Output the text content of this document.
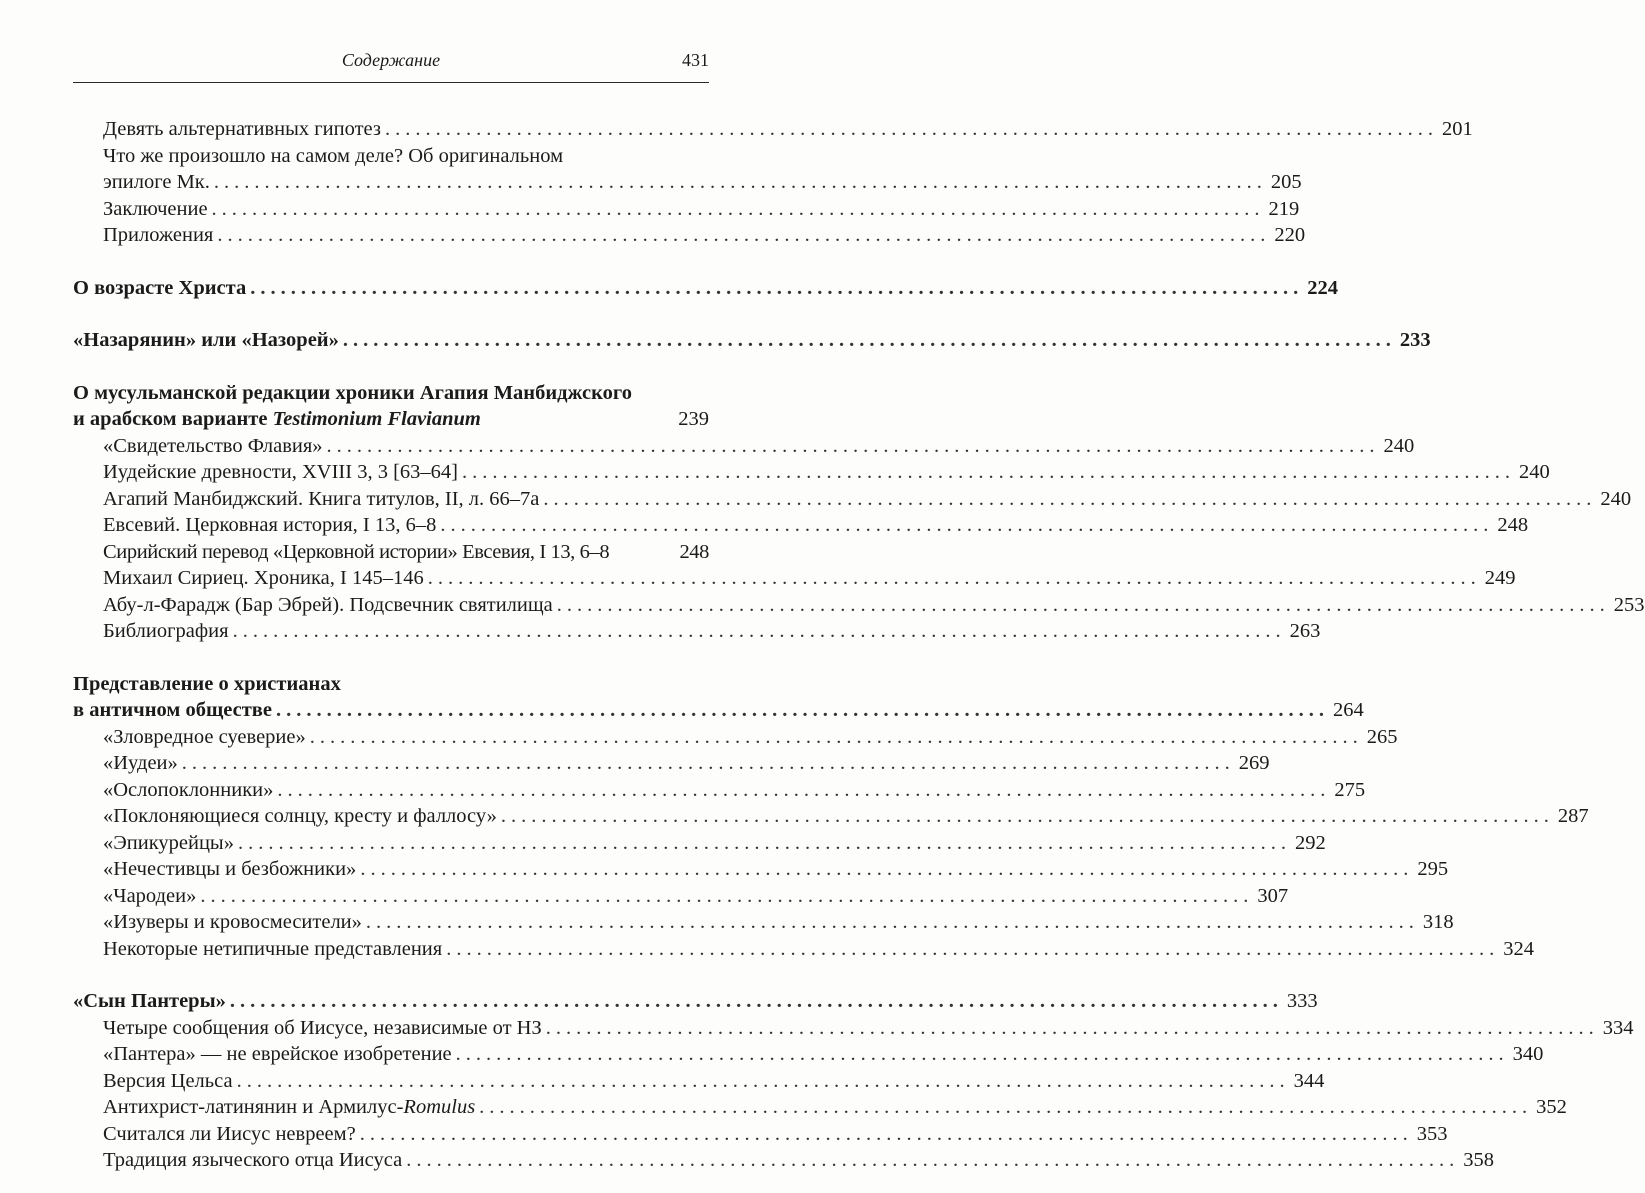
Содержание	431
Девять альтернативных гипотез ........................................................................................................ 201
Что же произошло на самом деле? Об оригинальном
эпилоге Мк. ........................................................................................................ 205
Заключение ........................................................................................................ 219
Приложения ........................................................................................................ 220
О возрасте Христа ........................................................................................................ 224
«Назарянин» или «Назорей» ........................................................................................................ 233
О мусульманской редакции хроники Агапия Манбиджского
и арабском варианте Testimonium Flavianum	239
«Свидетельство Флавия» ........................................................................................................ 240
Иудейские древности, XVIII 3, 3 [63–64] ........................................................................................................ 240
Агапий Манбиджский. Книга титулов, II, л. 66–7а ........................................................................................................ 240
Евсевий. Церковная история, I 13, 6–8 ........................................................................................................ 248
Сирийский перевод «Церковной истории» Евсевия, I 13, 6–8	248
Михаил Сириец. Хроника, I 145–146 ........................................................................................................ 249
Абу-л-Фарадж (Бар Эбрей). Подсвечник святилища ........................................................................................................ 253
Библиография ........................................................................................................ 263
Представление о христианах
в античном обществе ........................................................................................................ 264
«Зловредное суеверие» ........................................................................................................ 265
«Иудеи» ........................................................................................................ 269
«Ослопоклонники» ........................................................................................................ 275
«Поклоняющиеся солнцу, кресту и фаллосу» ........................................................................................................ 287
«Эпикурейцы» ........................................................................................................ 292
«Нечестивцы и безбожники» ........................................................................................................ 295
«Чародеи» ........................................................................................................ 307
«Изуверы и кровосмесители» ........................................................................................................ 318
Некоторые нетипичные представления ........................................................................................................ 324
«Сын Пантеры» ........................................................................................................ 333
Четыре сообщения об Иисусе, независимые от НЗ ........................................................................................................ 334
«Пантера» — не еврейское изобретение ........................................................................................................ 340
Версия Цельса ........................................................................................................ 344
Антихрист-латинянин и Армилус-Romulus ........................................................................................................ 352
Считался ли Иисус невреем? ........................................................................................................ 353
Традиция языческого отца Иисуса ........................................................................................................ 358
